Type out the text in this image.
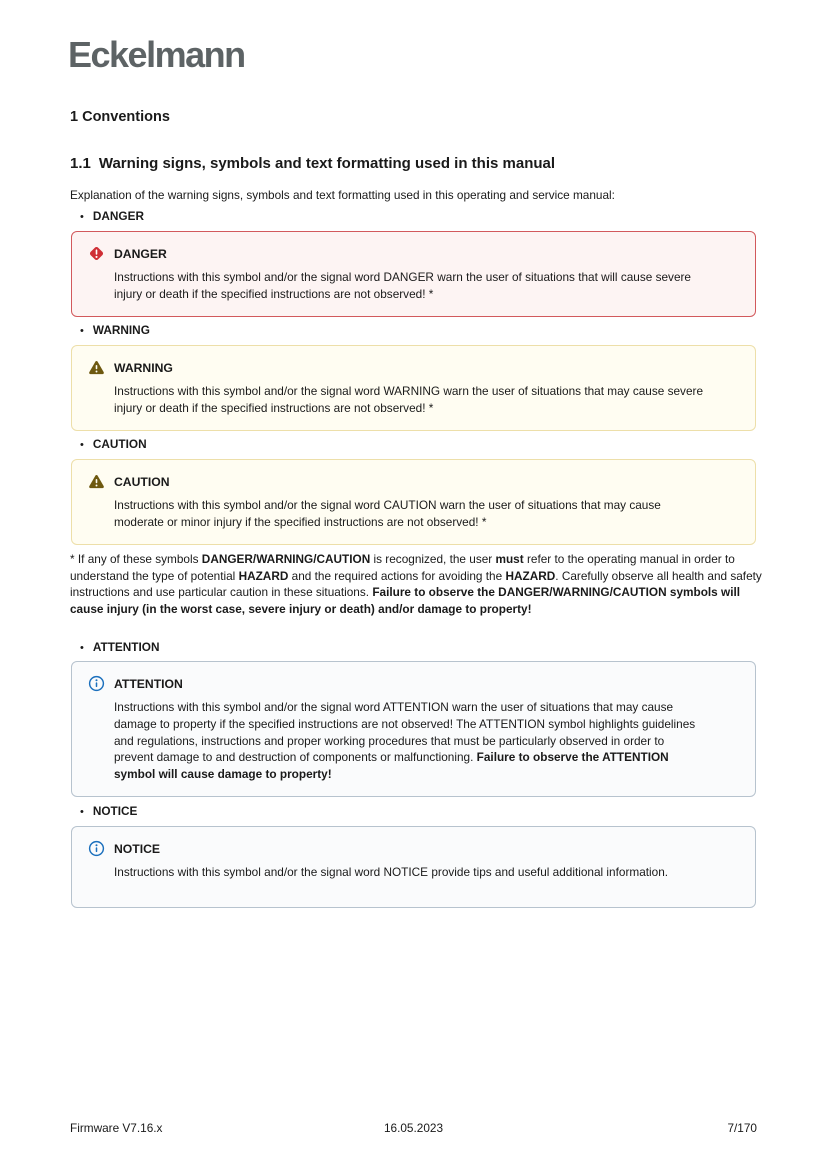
Eckelmann
1 Conventions
1.1 Warning signs, symbols and text formatting used in this manual
Explanation of the warning signs, symbols and text formatting used in this operating and service manual:
• DANGER
DANGER
Instructions with this symbol and/or the signal word DANGER warn the user of situations that will cause severe injury or death if the specified instructions are not observed! *
• WARNING
WARNING
Instructions with this symbol and/or the signal word WARNING warn the user of situations that may cause severe injury or death if the specified instructions are not observed! *
• CAUTION
CAUTION
Instructions with this symbol and/or the signal word CAUTION warn the user of situations that may cause moderate or minor injury if the specified instructions are not observed! *
* If any of these symbols DANGER/WARNING/CAUTION is recognized, the user must refer to the operating manual in order to understand the type of potential HAZARD and the required actions for avoiding the HAZARD. Carefully observe all health and safety instructions and use particular caution in these situations. Failure to observe the DANGER/WARNING/CAUTION symbols will cause injury (in the worst case, severe injury or death) and/or damage to property!
• ATTENTION
ATTENTION
Instructions with this symbol and/or the signal word ATTENTION warn the user of situations that may cause damage to property if the specified instructions are not observed! The ATTENTION symbol highlights guidelines and regulations, instructions and proper working procedures that must be particularly observed in order to prevent damage to and destruction of components or malfunctioning. Failure to observe the ATTENTION symbol will cause damage to property!
• NOTICE
NOTICE
Instructions with this symbol and/or the signal word NOTICE provide tips and useful additional information.
Firmware V7.16.x	16.05.2023	7/170
